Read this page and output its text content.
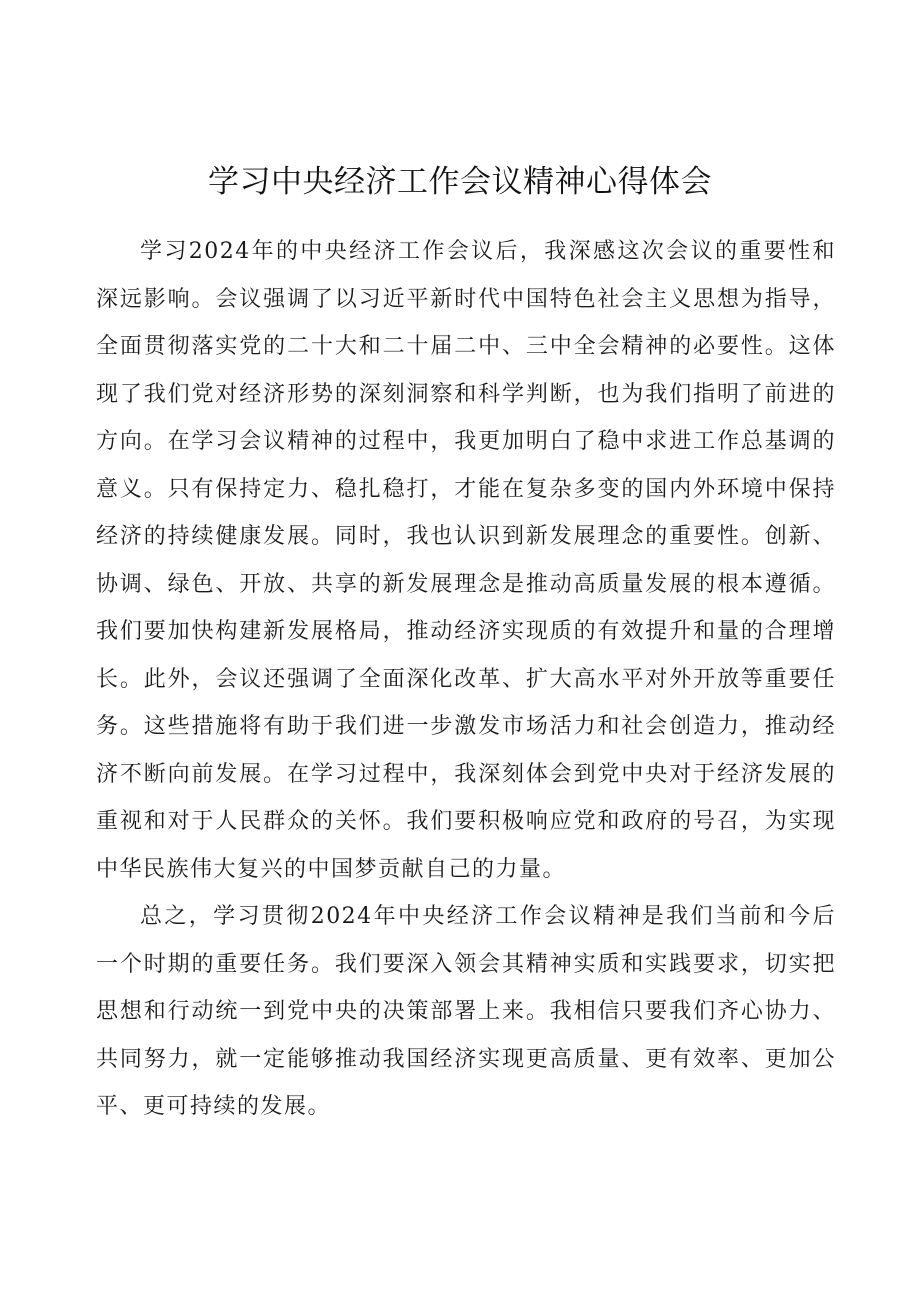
学习中央经济工作会议精神心得体会

学习2024年的中央经济工作会议后，我深感这次会议的重要性和深远影响。会议强调了以习近平新时代中国特色社会主义思想为指导，全面贯彻落实党的二十大和二十届二中、三中全会精神的必要性。这体现了我们党对经济形势的深刻洞察和科学判断，也为我们指明了前进的方向。在学习会议精神的过程中，我更加明白了稳中求进工作总基调的意义。只有保持定力、稳扎稳打，才能在复杂多变的国内外环境中保持经济的持续健康发展。同时，我也认识到新发展理念的重要性。创新、协调、绿色、开放、共享的新发展理念是推动高质量发展的根本遵循。我们要加快构建新发展格局，推动经济实现质的有效提升和量的合理增长。此外，会议还强调了全面深化改革、扩大高水平对外开放等重要任务。这些措施将有助于我们进一步激发市场活力和社会创造力，推动经济不断向前发展。在学习过程中，我深刻体会到党中央对于经济发展的重视和对于人民群众的关怀。我们要积极响应党和政府的号召，为实现中华民族伟大复兴的中国梦贡献自己的力量。

总之，学习贯彻2024年中央经济工作会议精神是我们当前和今后一个时期的重要任务。我们要深入领会其精神实质和实践要求，切实把思想和行动统一到党中央的决策部署上来。我相信只要我们齐心协力、共同努力，就一定能够推动我国经济实现更高质量、更有效率、更加公平、更可持续的发展。
